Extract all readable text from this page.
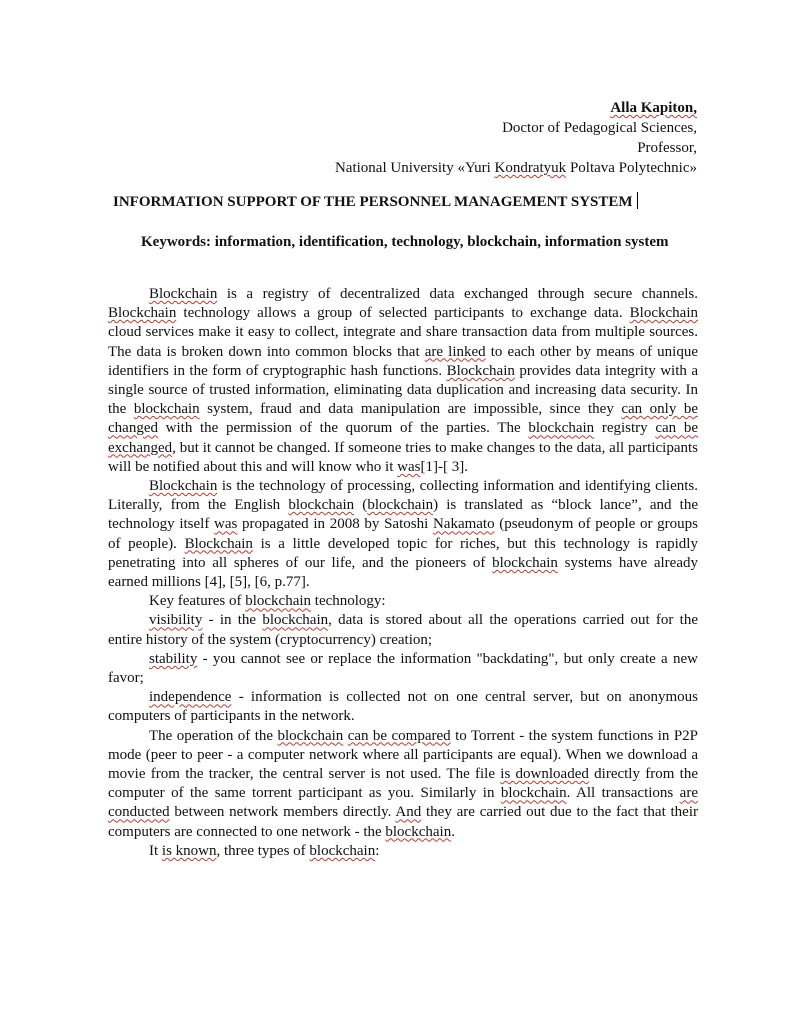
Alla Kapiton,
Doctor of Pedagogical Sciences,
Professor,
National University «Yuri Kondratyuk Poltava Polytechnic»
INFORMATION SUPPORT OF THE PERSONNEL MANAGEMENT SYSTEM
Keywords: information, identification, technology, blockchain, information system

Blockchain is a registry of decentralized data exchanged through secure channels. Blockchain technology allows a group of selected participants to exchange data. Blockchain cloud services make it easy to collect, integrate and share transaction data from multiple sources. The data is broken down into common blocks that are linked to each other by means of unique identifiers in the form of cryptographic hash functions. Blockchain provides data integrity with a single source of trusted information, eliminating data duplication and increasing data security. In the blockchain system, fraud and data manipulation are impossible, since they can only be changed with the permission of the quorum of the parties. The blockchain registry can be exchanged, but it cannot be changed. If someone tries to make changes to the data, all participants will be notified about this and will know who it was[1]-[ 3].

Blockchain is the technology of processing, collecting information and identifying clients. Literally, from the English blockchain (blockchain) is translated as “block lance”, and the technology itself was propagated in 2008 by Satoshi Nakamato (pseudonym of people or groups of people). Blockchain is a little developed topic for riches, but this technology is rapidly penetrating into all spheres of our life, and the pioneers of blockchain systems have already earned millions [4], [5], [6, p.77].

Key features of blockchain technology:

visibility - in the blockchain, data is stored about all the operations carried out for the entire history of the system (cryptocurrency) creation;

stability - you cannot see or replace the information "backdating", but only create a new favor;

independence - information is collected not on one central server, but on anonymous computers of participants in the network.

The operation of the blockchain can be compared to Torrent - the system functions in P2P mode (peer to peer - a computer network where all participants are equal). When we download a movie from the tracker, the central server is not used. The file is downloaded directly from the computer of the same torrent participant as you. Similarly in blockchain. All transactions are conducted between network members directly. And they are carried out due to the fact that their computers are connected to one network - the blockchain.

It is known, three types of blockchain:
